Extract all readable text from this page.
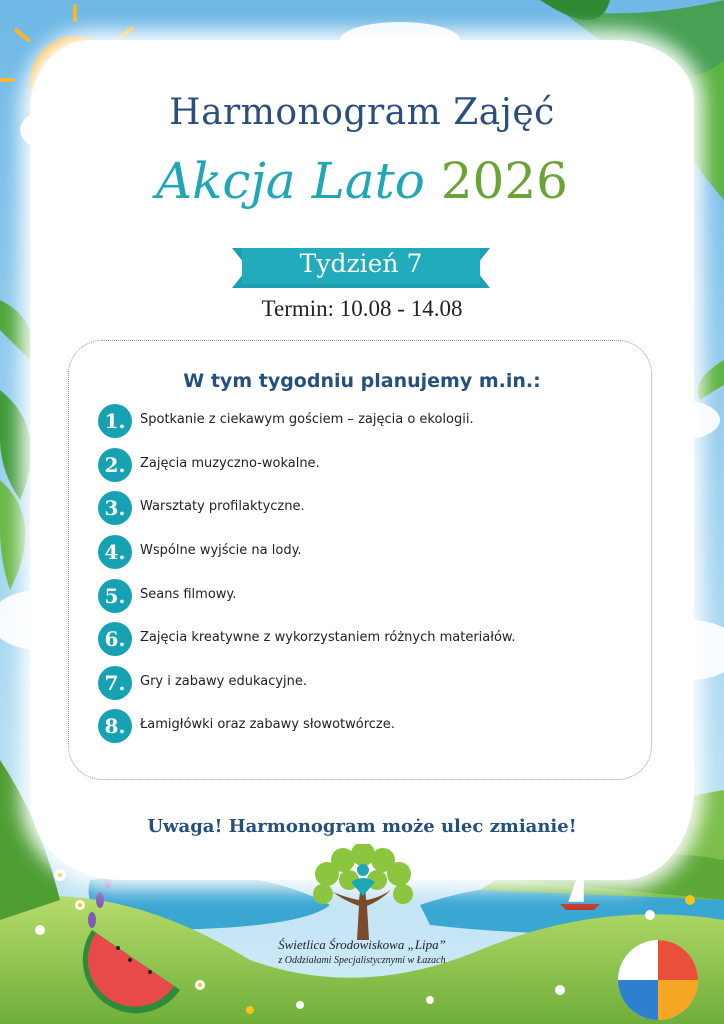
Harmonogram Zajęć
Akcja Lato 2026
Tydzień 7
Termin: 10.08 - 14.08
W tym tygodniu planujemy m.in.:
1.	Spotkanie z ciekawym gościem – zajęcia o ekologii.
2.	Zajęcia muzyczno-wokalne.
3.	Warsztaty profilaktyczne.
4.	Wspólne wyjście na lody.
5.	Seans filmowy.
6.	Zajęcia kreatywne z wykorzystaniem różnych materiałów.
7.	Gry i zabawy edukacyjne.
8.	Łamigłówki oraz zabawy słowotwórcze.
Uwaga! Harmonogram może ulec zmianie!
Świetlica Środowiskowa „Lipa”
z Oddziałami Specjalistycznymi w Łazach
